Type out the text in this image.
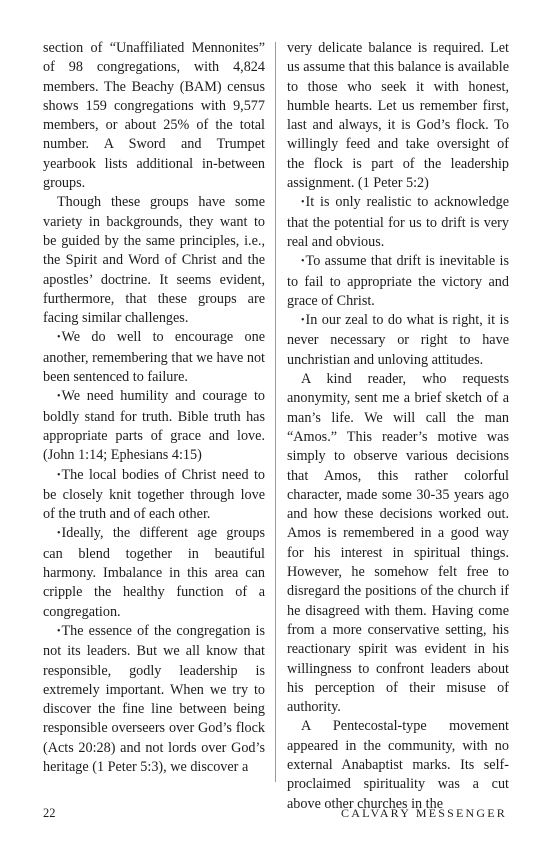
section of “Unaffiliated Mennonites” of 98 congregations, with 4,824 members. The Beachy (BAM) census shows 159 congregations with 9,577 members, or about 25% of the total number. A Sword and Trumpet yearbook lists additional in-between groups.

Though these groups have some variety in backgrounds, they want to be guided by the same principles, i.e., the Spirit and Word of Christ and the apostles’ doctrine. It seems evident, furthermore, that these groups are facing similar challenges.

•We do well to encourage one another, remembering that we have not been sentenced to failure.

•We need humility and courage to boldly stand for truth. Bible truth has appropriate parts of grace and love. (John 1:14; Ephesians 4:15)

•The local bodies of Christ need to be closely knit together through love of the truth and of each other.

•Ideally, the different age groups can blend together in beautiful harmony. Imbalance in this area can cripple the healthy function of a congregation.

•The essence of the congregation is not its leaders. But we all know that responsible, godly leadership is extremely important. When we try to discover the fine line between being responsible overseers over God’s flock (Acts 20:28) and not lords over God’s heritage (1 Peter 5:3), we discover a

very delicate balance is required. Let us assume that this balance is available to those who seek it with honest, humble hearts. Let us remember first, last and always, it is God’s flock. To willingly feed and take oversight of the flock is part of the leadership assignment. (1 Peter 5:2)

•It is only realistic to acknowledge that the potential for us to drift is very real and obvious.

•To assume that drift is inevitable is to fail to appropriate the victory and grace of Christ.

•In our zeal to do what is right, it is never necessary or right to have unchristian and unloving attitudes.

A kind reader, who requests anonymity, sent me a brief sketch of a man’s life. We will call the man “Amos.” This reader’s motive was simply to observe various decisions that Amos, this rather colorful character, made some 30-35 years ago and how these decisions worked out. Amos is remembered in a good way for his interest in spiritual things. However, he somehow felt free to disregard the positions of the church if he disagreed with them. Having come from a more conservative setting, his reactionary spirit was evident in his willingness to confront leaders about his perception of their misuse of authority.

A Pentecostal-type movement appeared in the community, with no external Anabaptist marks. Its self-proclaimed spirituality was a cut above other churches in the

22	CALVARY MESSENGER
